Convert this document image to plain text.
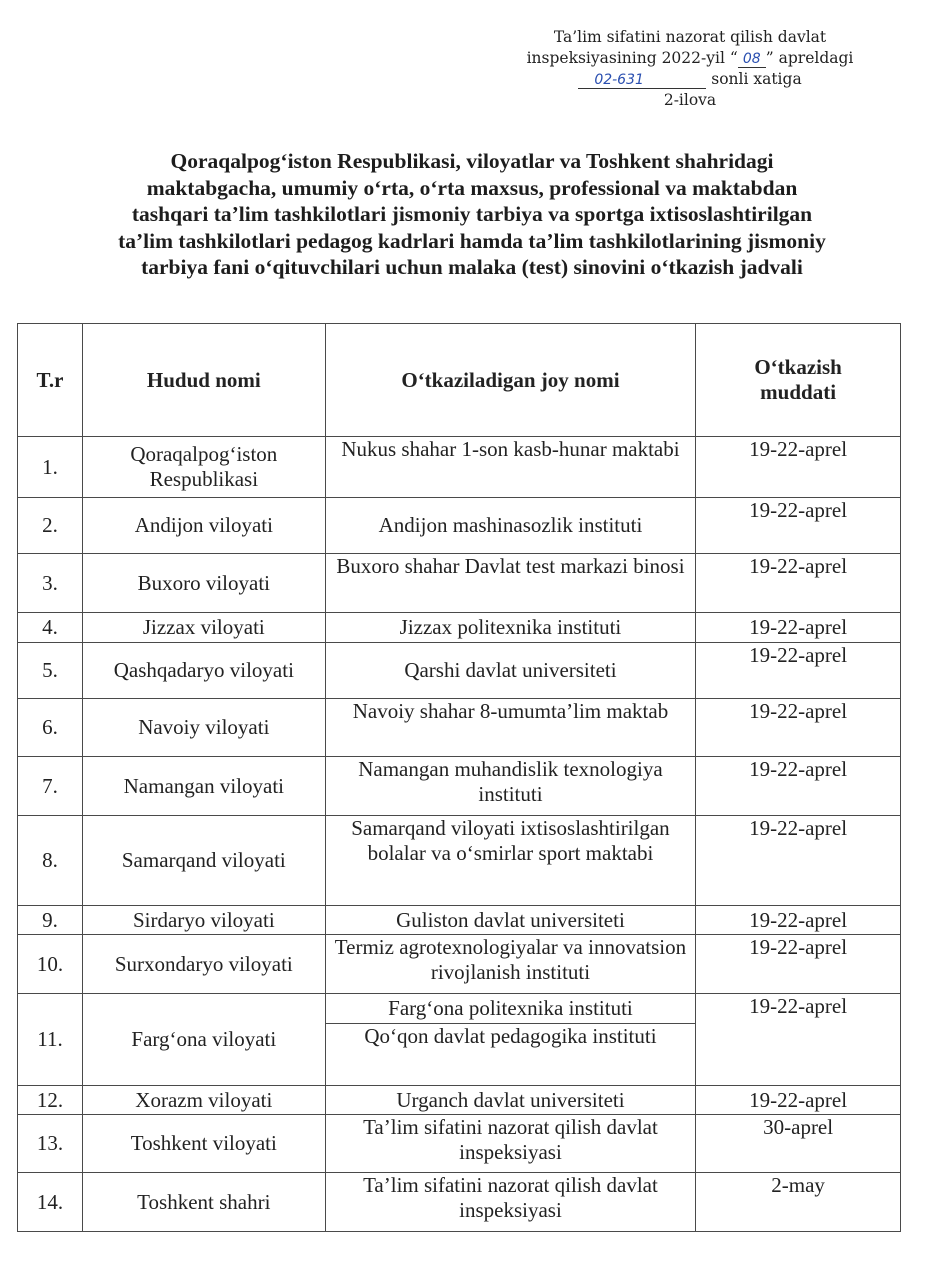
Ta’lim sifatini nazorat qilish davlat
inspeksiyasining 2022-yil “ 08 ” apreldagi
02-631	sonli xatiga
2-ilova
Qoraqalpog‘iston Respublikasi, viloyatlar va Toshkent shahridagi
maktabgacha, umumiy o‘rta, o‘rta maxsus, professional va maktabdan
tashqari ta’lim tashkilotlari jismoniy tarbiya va sportga ixtisoslashtirilgan
ta’lim tashkilotlari pedagog kadrlari hamda ta’lim tashkilotlarining jismoniy
tarbiya fani o‘qituvchilari uchun malaka (test) sinovini o‘tkazish jadvali
T.r	Hudud nomi	O‘tkaziladigan joy nomi	O‘tkazish
muddati

1.	Qoraqalpog‘iston Respublikasi	Nukus shahar 1-son kasb-hunar maktabi	19-22-aprel
2.	Andijon viloyati	Andijon mashinasozlik instituti	19-22-aprel
3.	Buxoro viloyati	Buxoro shahar Davlat test markazi binosi	19-22-aprel
4.	Jizzax viloyati	Jizzax politexnika instituti	19-22-aprel
5.	Qashqadaryo viloyati	Qarshi davlat universiteti	19-22-aprel
6.	Navoiy viloyati	Navoiy shahar 8-umumta’lim maktab	19-22-aprel
7.	Namangan viloyati	Namangan muhandislik texnologiya instituti	19-22-aprel
8.	Samarqand viloyati	Samarqand viloyati ixtisoslashtirilgan bolalar va o‘smirlar sport maktabi	19-22-aprel
9.	Sirdaryo viloyati	Guliston davlat universiteti	19-22-aprel
10.	Surxondaryo viloyati	Termiz agrotexnologiyalar va innovatsion rivojlanish instituti	19-22-aprel
11.	Farg‘ona viloyati	Farg‘ona politexnika instituti	19-22-aprel
		Qo‘qon davlat pedagogika instituti	
12.	Xorazm viloyati	Urganch davlat universiteti	19-22-aprel
13.	Toshkent viloyati	Ta’lim sifatini nazorat qilish davlat inspeksiyasi	30-aprel
14.	Toshkent shahri	Ta’lim sifatini nazorat qilish davlat inspeksiyasi	2-may
